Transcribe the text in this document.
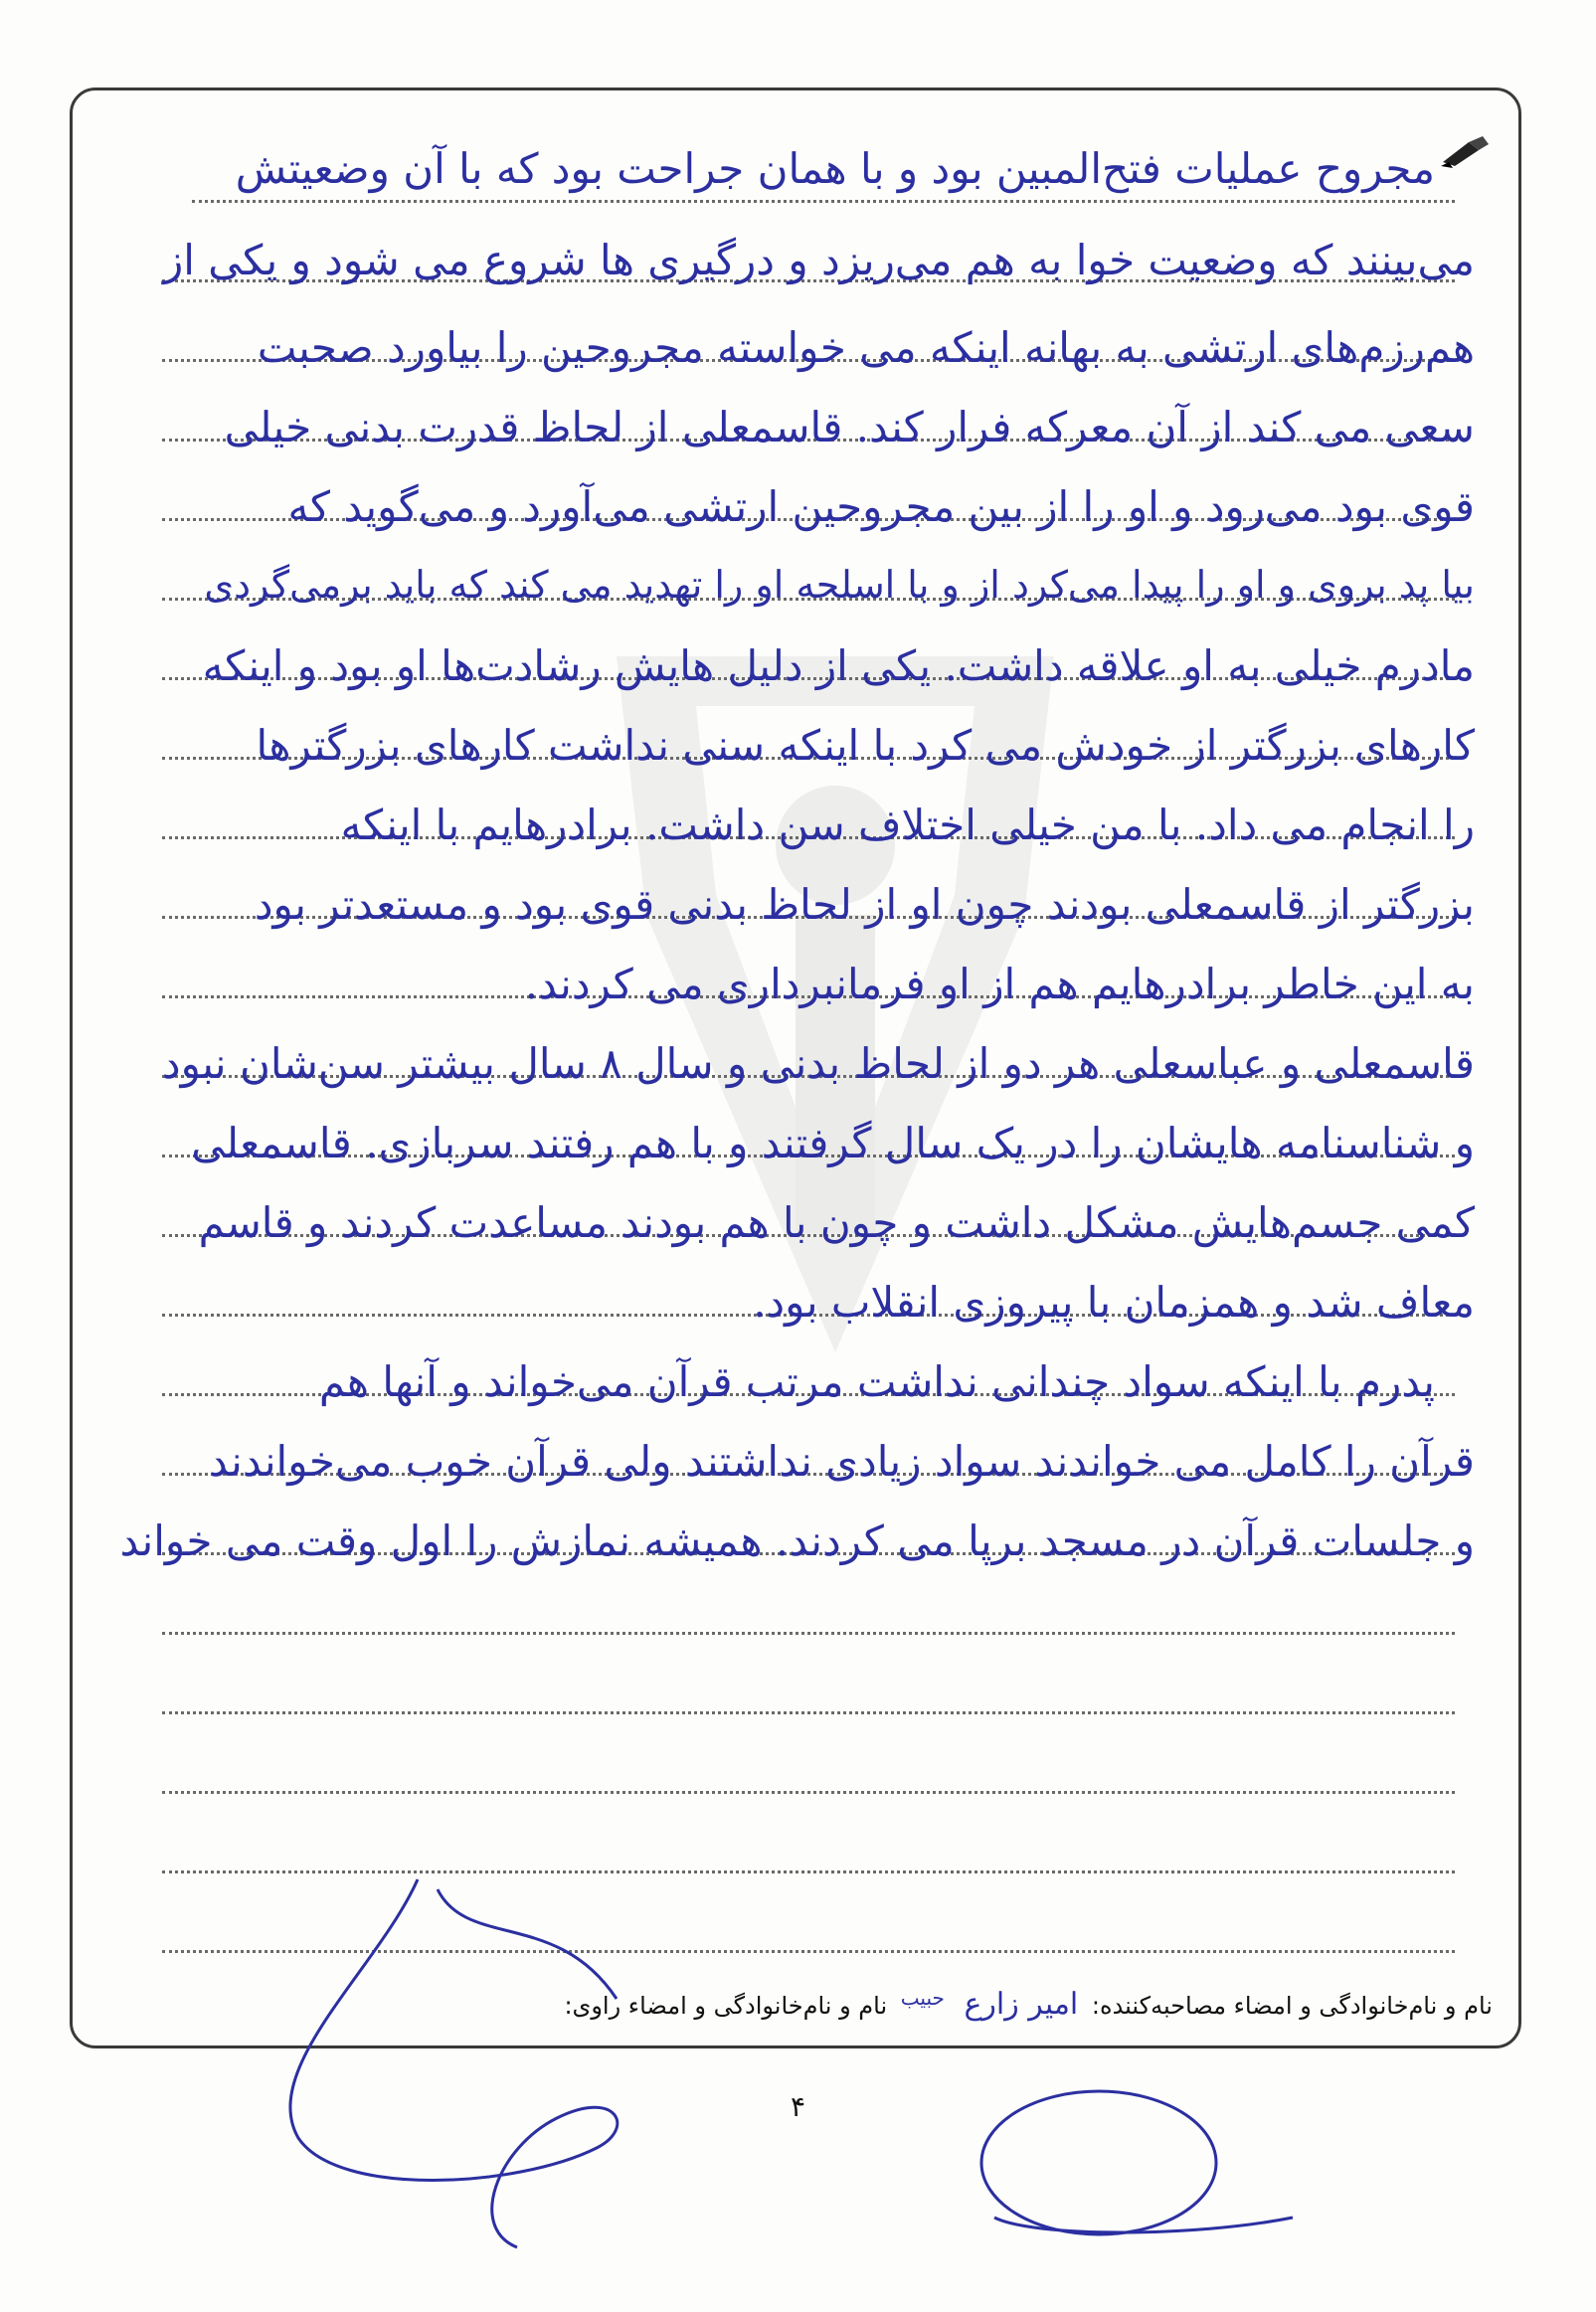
مجروح عملیات فتح‌المبین بود و با همان جراحت بود که با آن وضعیتش
می‌بینند که وضعیت خوا به هم می‌ریزد و درگیری ها شروع می شود و یکی از
هم‌رزم‌های ارتشی به بهانه اینکه می خواسته مجروحین را بیاورد صحبت
سعی می کند از آن معرکه فرار کند. قاسمعلی از لحاظ قدرت بدنی خیلی
قوی بود می‌رود و او را از بین مجروحین ارتشی می‌آورد و می‌گوید که
بیا پد بروی و او را پیدا می‌کرد از و با اسلحه او را تهدید می کند که باید برمی‌گردی
مادرم خیلی به او علاقه داشت. یکی از دلیل هایش رشادت‌ها او بود و اینکه
کارهای بزرگتر از خودش می کرد با اینکه سنی نداشت کارهای بزرگترها
را انجام می داد. با من خیلی اختلاف سن داشت. برادرهایم با اینکه
بزرگتر از قاسمعلی بودند چون او از لحاظ بدنی قوی بود و مستعدتر بود
به این خاطر برادرهایم هم از او فرمانبرداری می کردند.
قاسمعلی و عباسعلی هر دو از لحاظ بدنی و سال ۸ سال بیشتر سن‌شان نبود
و شناسنامه هایشان را در یک سال گرفتند و با هم رفتند سربازی. قاسمعلی
کمی جسم‌هایش مشکل داشت و چون با هم بودند مساعدت کردند و قاسم
معاف شد و همزمان با پیروزی انقلاب بود.
پدرم با اینکه سواد چندانی نداشت مرتب قرآن می‌خواند و آنها هم
قرآن را کامل می خواندند سواد زیادی نداشتند ولی قرآن خوب می‌خواندند
و جلسات قرآن در مسجد برپا می کردند. همیشه نمازش را اول وقت می خواند
نام و نام‌خانوادگی و امضاء مصاحبه‌کننده: امیر زارع $^{حبیب}$ نام و نام‌خانوادگی و امضاء راوی:
۴
